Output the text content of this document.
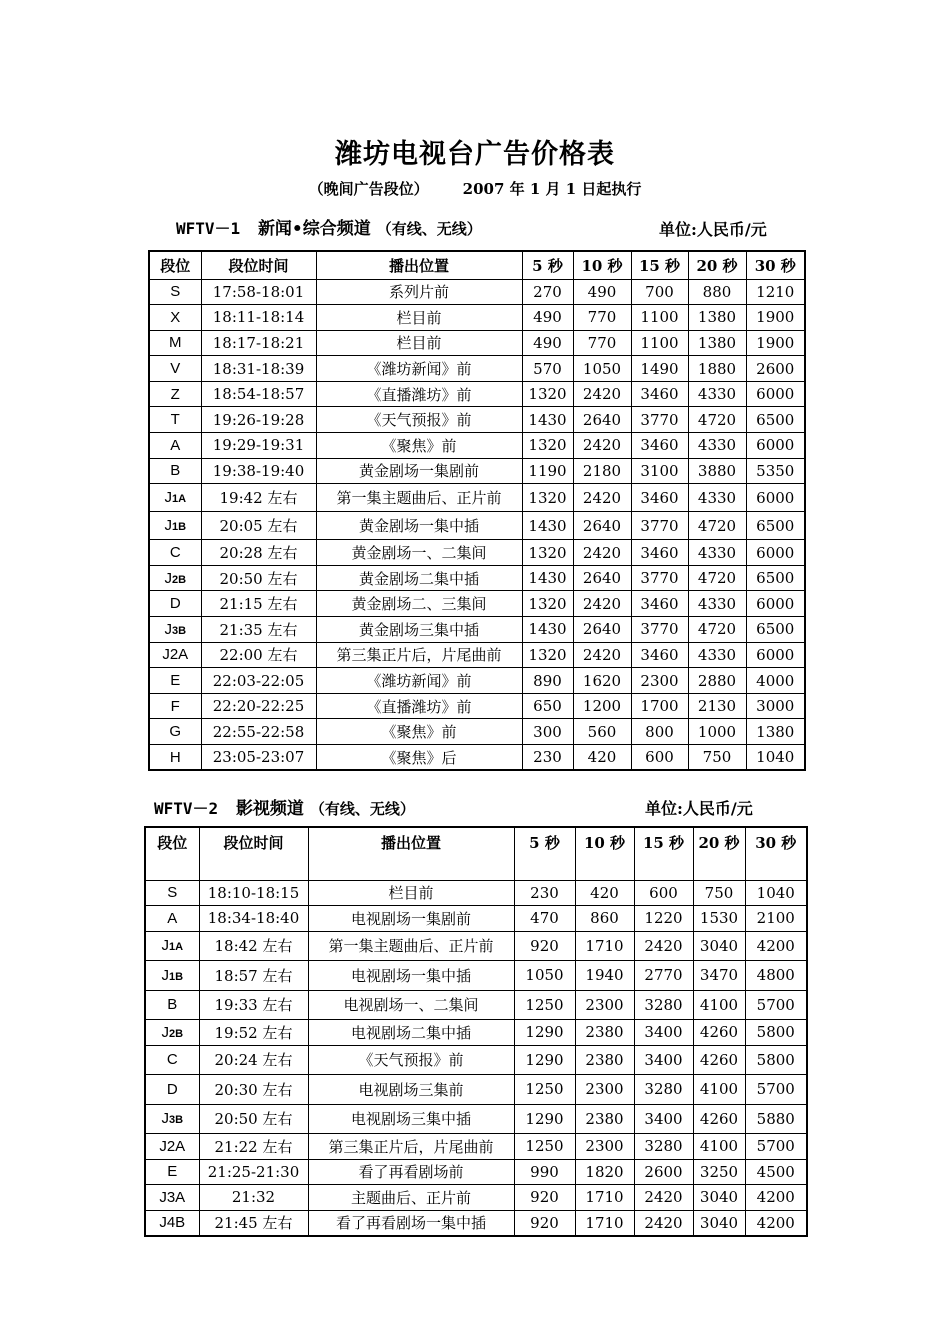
潍坊电视台广告价格表
（晚间广告段位） 2007 年 1 月 1 日起执行
WFTV－1 新闻•综合频道 （有线、无线）	单位:人民币/元
段位	段位时间	播出位置	5 秒	10 秒	15 秒	20 秒	30 秒
S	17:58-18:01	系列片前	270	490	700	880	1210
X	18:11-18:14	栏目前	490	770	1100	1380	1900
M	18:17-18:21	栏目前	490	770	1100	1380	1900
V	18:31-18:39	《潍坊新闻》前	570	1050	1490	1880	2600
Z	18:54-18:57	《直播潍坊》前	1320	2420	3460	4330	6000
T	19:26-19:28	《天气预报》前	1430	2640	3770	4720	6500
A	19:29-19:31	《聚焦》前	1320	2420	3460	4330	6000
B	19:38-19:40	黄金剧场一集剧前	1190	2180	3100	3880	5350
J1A	19:42 左右	第一集主题曲后、正片前	1320	2420	3460	4330	6000
J1B	20:05 左右	黄金剧场一集中插	1430	2640	3770	4720	6500
C	20:28 左右	黄金剧场一、二集间	1320	2420	3460	4330	6000
J2B	20:50 左右	黄金剧场二集中插	1430	2640	3770	4720	6500
D	21:15 左右	黄金剧场二、三集间	1320	2420	3460	4330	6000
J3B	21:35 左右	黄金剧场三集中插	1430	2640	3770	4720	6500
J2A	22:00 左右	第三集正片后，片尾曲前	1320	2420	3460	4330	6000
E	22:03-22:05	《潍坊新闻》前	890	1620	2300	2880	4000
F	22:20-22:25	《直播潍坊》前	650	1200	1700	2130	3000
G	22:55-22:58	《聚焦》前	300	560	800	1000	1380
H	23:05-23:07	《聚焦》后	230	420	600	750	1040
WFTV－2 影视频道 （有线、无线）	单位:人民币/元
段位	段位时间	播出位置	5 秒	10 秒	15 秒	20 秒	30 秒
S	18:10-18:15	栏目前	230	420	600	750	1040
A	18:34-18:40	电视剧场一集剧前	470	860	1220	1530	2100
J1A	18:42 左右	第一集主题曲后、正片前	920	1710	2420	3040	4200
J1B	18:57 左右	电视剧场一集中插	1050	1940	2770	3470	4800
B	19:33 左右	电视剧场一、二集间	1250	2300	3280	4100	5700
J2B	19:52 左右	电视剧场二集中插	1290	2380	3400	4260	5800
C	20:24 左右	《天气预报》前	1290	2380	3400	4260	5800
D	20:30 左右	电视剧场三集前	1250	2300	3280	4100	5700
J3B	20:50 左右	电视剧场三集中插	1290	2380	3400	4260	5880
J2A	21:22 左右	第三集正片后，片尾曲前	1250	2300	3280	4100	5700
E	21:25-21:30	看了再看剧场前	990	1820	2600	3250	4500
J3A	21:32	主题曲后、正片前	920	1710	2420	3040	4200
J4B	21:45 左右	看了再看剧场一集中插	920	1710	2420	3040	4200
